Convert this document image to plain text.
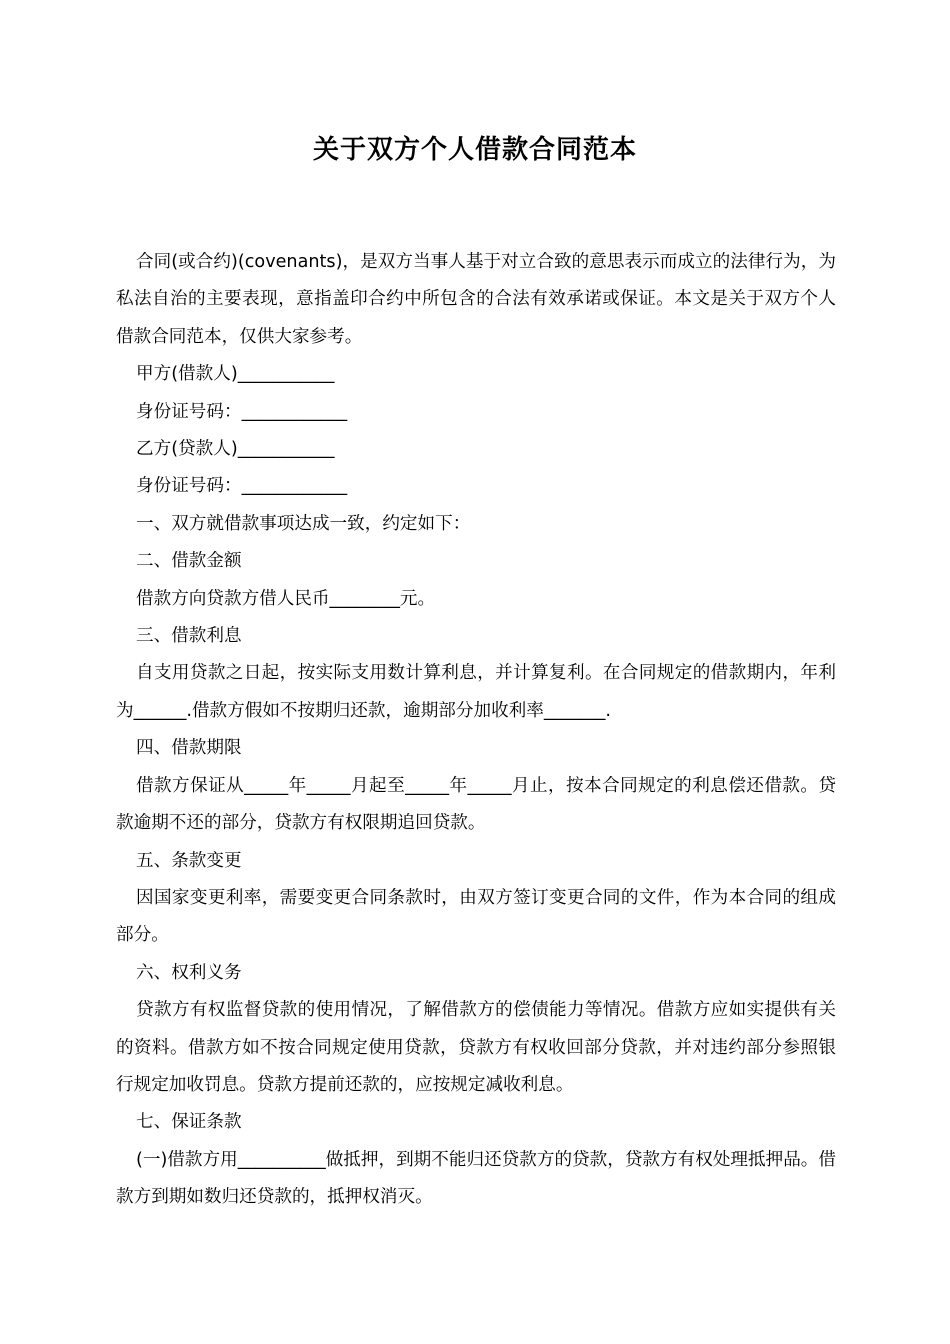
关于双方个人借款合同范本

合同(或合约)(covenants)，是双方当事人基于对立合致的意思表示而成立的法律行为，为私法自治的主要表现，意指盖印合约中所包含的合法有效承诺或保证。本文是关于双方个人借款合同范本，仅供大家参考。

甲方(借款人)___________

身份证号码：____________

乙方(贷款人)___________

身份证号码：____________

一、双方就借款事项达成一致，约定如下：

二、借款金额

借款方向贷款方借人民币________元。

三、借款利息

自支用贷款之日起，按实际支用数计算利息，并计算复利。在合同规定的借款期内，年利为______.借款方假如不按期归还款，逾期部分加收利率_______.

四、借款期限

借款方保证从_____年_____月起至_____年_____月止，按本合同规定的利息偿还借款。贷款逾期不还的部分，贷款方有权限期追回贷款。

五、条款变更

因国家变更利率，需要变更合同条款时，由双方签订变更合同的文件，作为本合同的组成部分。

六、权利义务

贷款方有权监督贷款的使用情况，了解借款方的偿债能力等情况。借款方应如实提供有关的资料。借款方如不按合同规定使用贷款，贷款方有权收回部分贷款，并对违约部分参照银行规定加收罚息。贷款方提前还款的，应按规定减收利息。

七、保证条款

(一)借款方用__________做抵押，到期不能归还贷款方的贷款，贷款方有权处理抵押品。借款方到期如数归还贷款的，抵押权消灭。
